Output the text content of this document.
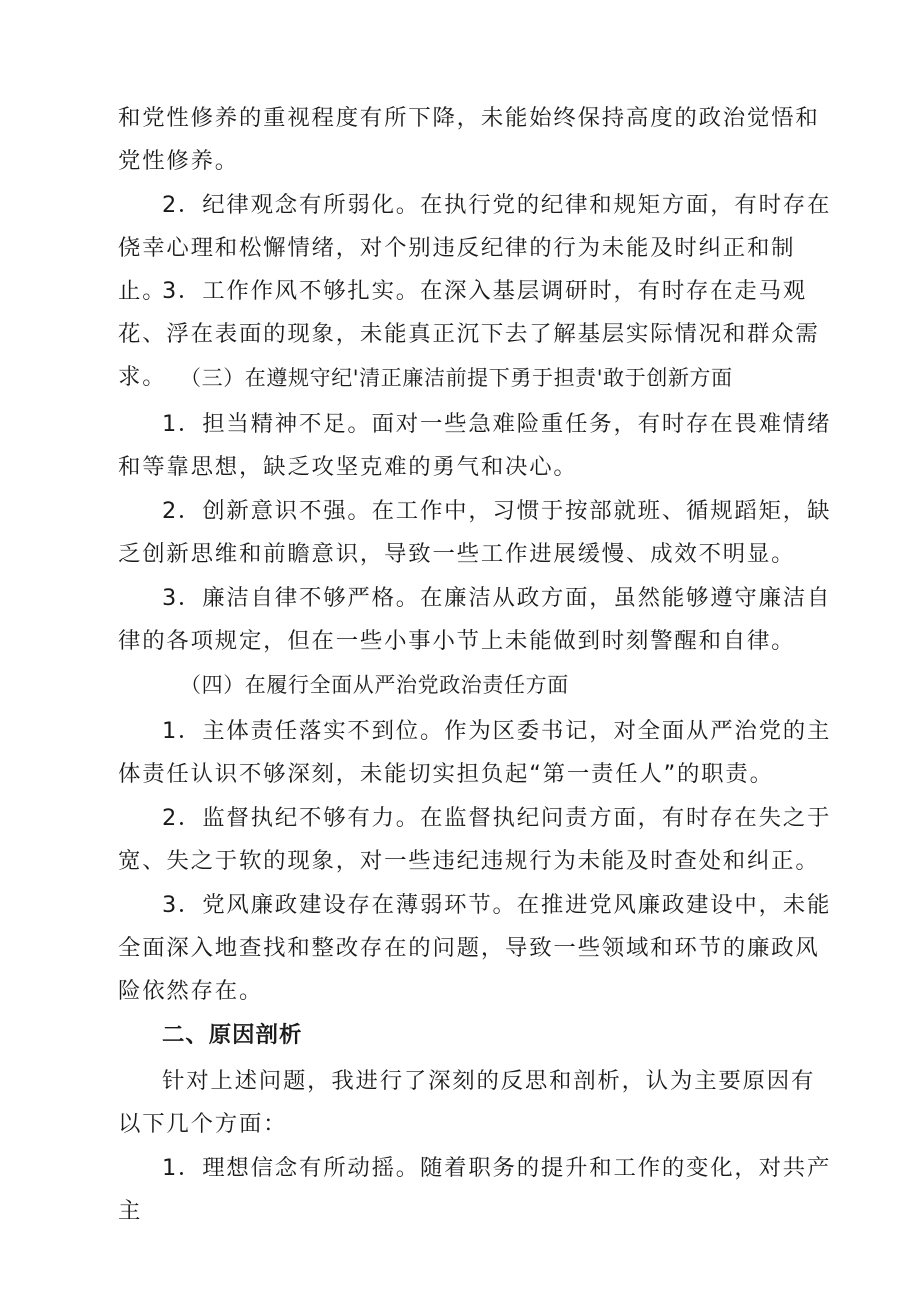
和党性修养的重视程度有所下降，未能始终保持高度的政治觉悟和党性修养。

2．纪律观念有所弱化。在执行党的纪律和规矩方面，有时存在侥幸心理和松懈情绪，对个别违反纪律的行为未能及时纠正和制止。

3．工作作风不够扎实。在深入基层调研时，有时存在走马观花、浮在表面的现象，未能真正沉下去了解基层实际情况和群众需求。 （三）在遵规守纪'清正廉洁前提下勇于担责'敢于创新方面

1．担当精神不足。面对一些急难险重任务，有时存在畏难情绪和等靠思想，缺乏攻坚克难的勇气和决心。

2．创新意识不强。在工作中，习惯于按部就班、循规蹈矩，缺乏创新思维和前瞻意识，导致一些工作进展缓慢、成效不明显。

3．廉洁自律不够严格。在廉洁从政方面，虽然能够遵守廉洁自律的各项规定，但在一些小事小节上未能做到时刻警醒和自律。

（四）在履行全面从严治党政治责任方面

1．主体责任落实不到位。作为区委书记，对全面从严治党的主体责任认识不够深刻，未能切实担负起“第一责任人”的职责。

2．监督执纪不够有力。在监督执纪问责方面，有时存在失之于宽、失之于软的现象，对一些违纪违规行为未能及时查处和纠正。

3．党风廉政建设存在薄弱环节。在推进党风廉政建设中，未能全面深入地查找和整改存在的问题，导致一些领域和环节的廉政风险依然存在。

二、原因剖析

针对上述问题，我进行了深刻的反思和剖析，认为主要原因有以下几个方面：

1．理想信念有所动摇。随着职务的提升和工作的变化，对共产主
